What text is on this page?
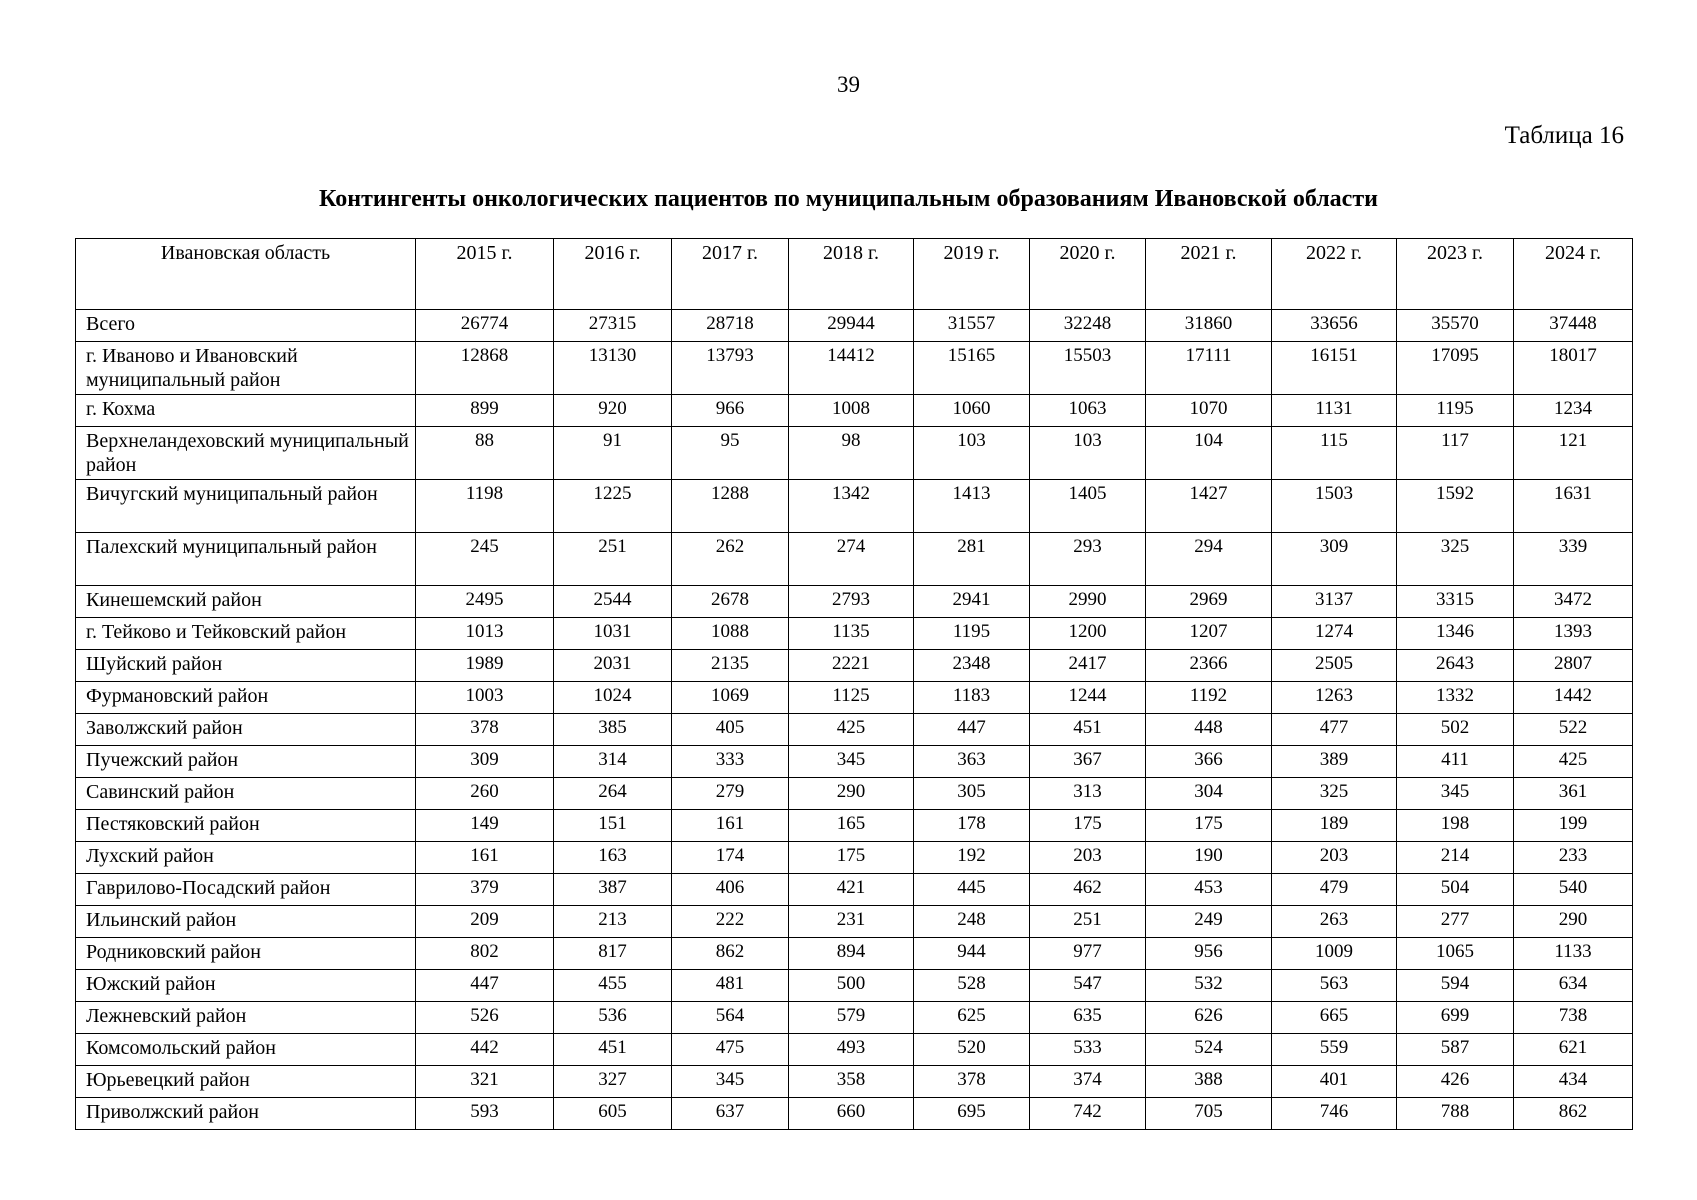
39
Таблица 16
Контингенты онкологических пациентов по муниципальным образованиям Ивановской области
Ивановская область	2015 г.	2016 г.	2017 г.	2018 г.	2019 г.	2020 г.	2021 г.	2022 г.	2023 г.	2024 г.
Всего	26774	27315	28718	29944	31557	32248	31860	33656	35570	37448
г. Иваново и Ивановский муниципальный район	12868	13130	13793	14412	15165	15503	17111	16151	17095	18017
г. Кохма	899	920	966	1008	1060	1063	1070	1131	1195	1234
Верхнеландеховский муниципальный район	88	91	95	98	103	103	104	115	117	121
Вичугский муниципальный район	1198	1225	1288	1342	1413	1405	1427	1503	1592	1631
Палехский муниципальный район	245	251	262	274	281	293	294	309	325	339
Кинешемский район	2495	2544	2678	2793	2941	2990	2969	3137	3315	3472
г. Тейково и Тейковский район	1013	1031	1088	1135	1195	1200	1207	1274	1346	1393
Шуйский район	1989	2031	2135	2221	2348	2417	2366	2505	2643	2807
Фурмановский район	1003	1024	1069	1125	1183	1244	1192	1263	1332	1442
Заволжский район	378	385	405	425	447	451	448	477	502	522
Пучежский район	309	314	333	345	363	367	366	389	411	425
Савинский район	260	264	279	290	305	313	304	325	345	361
Пестяковский район	149	151	161	165	178	175	175	189	198	199
Лухский район	161	163	174	175	192	203	190	203	214	233
Гаврилово-Посадский район	379	387	406	421	445	462	453	479	504	540
Ильинский район	209	213	222	231	248	251	249	263	277	290
Родниковский район	802	817	862	894	944	977	956	1009	1065	1133
Южский район	447	455	481	500	528	547	532	563	594	634
Лежневский район	526	536	564	579	625	635	626	665	699	738
Комсомольский район	442	451	475	493	520	533	524	559	587	621
Юрьевецкий район	321	327	345	358	378	374	388	401	426	434
Приволжский район	593	605	637	660	695	742	705	746	788	862
